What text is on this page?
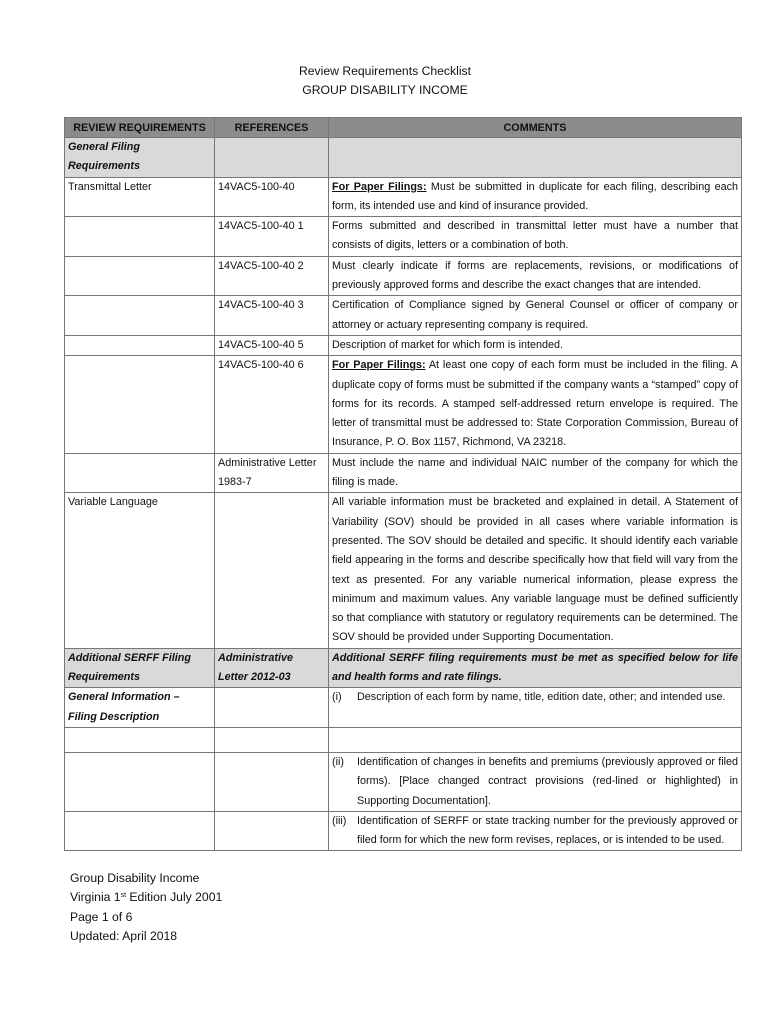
Review Requirements Checklist
GROUP DISABILITY INCOME
REVIEW REQUIREMENTS	REFERENCES	COMMENTS
General Filing Requirements		
Transmittal Letter	14VAC5-100-40	For Paper Filings: Must be submitted in duplicate for each filing, describing each form, its intended use and kind of insurance provided.
	14VAC5-100-40 1	Forms submitted and described in transmittal letter must have a number that consists of digits, letters or a combination of both.
	14VAC5-100-40 2	Must clearly indicate if forms are replacements, revisions, or modifications of previously approved forms and describe the exact changes that are intended.
	14VAC5-100-40 3	Certification of Compliance signed by General Counsel or officer of company or attorney or actuary representing company is required.
	14VAC5-100-40 5	Description of market for which form is intended.
	14VAC5-100-40 6	For Paper Filings: At least one copy of each form must be included in the filing. A duplicate copy of forms must be submitted if the company wants a “stamped” copy of forms for its records. A stamped self-addressed return envelope is required. The letter of transmittal must be addressed to: State Corporation Commission, Bureau of Insurance, P. O. Box 1157, Richmond, VA 23218.
	Administrative Letter 1983-7	Must include the name and individual NAIC number of the company for which the filing is made.
Variable Language		All variable information must be bracketed and explained in detail. A Statement of Variability (SOV) should be provided in all cases where variable information is presented. The SOV should be detailed and specific. It should identify each variable field appearing in the forms and describe specifically how that field will vary from the text as presented. For any variable numerical information, please express the minimum and maximum values. Any variable language must be defined sufficiently so that compliance with statutory or regulatory requirements can be determined. The SOV should be provided under Supporting Documentation.
Additional SERFF Filing Requirements	Administrative Letter 2012-03	Additional SERFF filing requirements must be met as specified below for life and health forms and rate filings.
General Information – Filing Description		(i) Description of each form by name, title, edition date, other; and intended use.

		(ii) Identification of changes in benefits and premiums (previously approved or filed forms). [Place changed contract provisions (red-lined or highlighted) in Supporting Documentation].

		(iii) Identification of SERFF or state tracking number for the previously approved or filed form for which the new form revises, replaces, or is intended to be used.
Group Disability Income
Virginia 1st Edition July 2001
Page 1 of 6
Updated: April 2018
